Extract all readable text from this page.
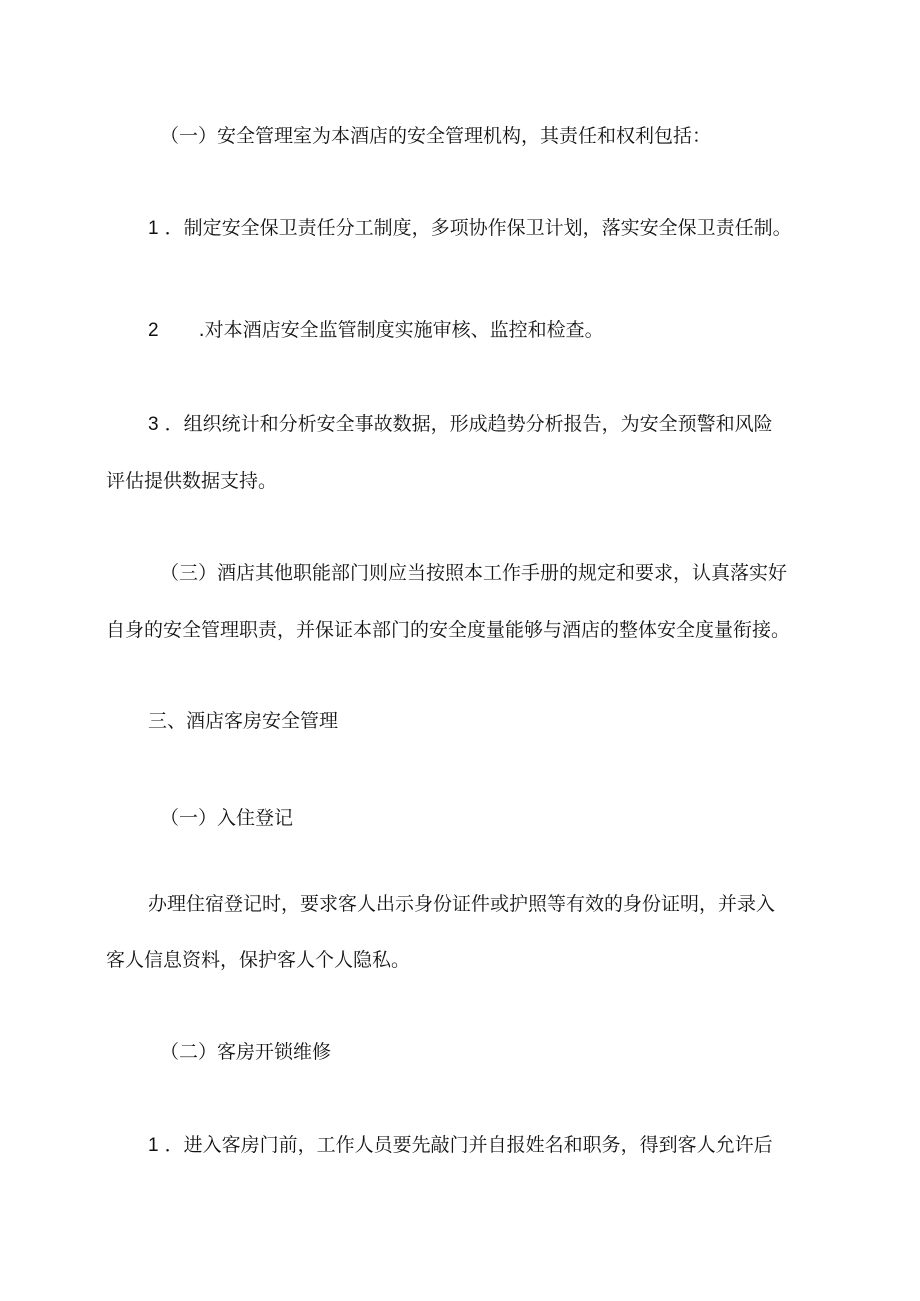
（一）安全管理室为本酒店的安全管理机构，其责任和权利包括：
1 ．制定安全保卫责任分工制度，多项协作保卫计划，落实安全保卫责任制。
2 .对本酒店安全监管制度实施审核、监控和检查。
3 ．组织统计和分析安全事故数据，形成趋势分析报告，为安全预警和风险
评估提供数据支持。
（三）酒店其他职能部门则应当按照本工作手册的规定和要求，认真落实好
自身的安全管理职责，并保证本部门的安全度量能够与酒店的整体安全度量衔接。
三、酒店客房安全管理
（一）入住登记
办理住宿登记时，要求客人出示身份证件或护照等有效的身份证明，并录入
客人信息资料，保护客人个人隐私。
（二）客房开锁维修
1 ．进入客房门前，工作人员要先敲门并自报姓名和职务，得到客人允许后
